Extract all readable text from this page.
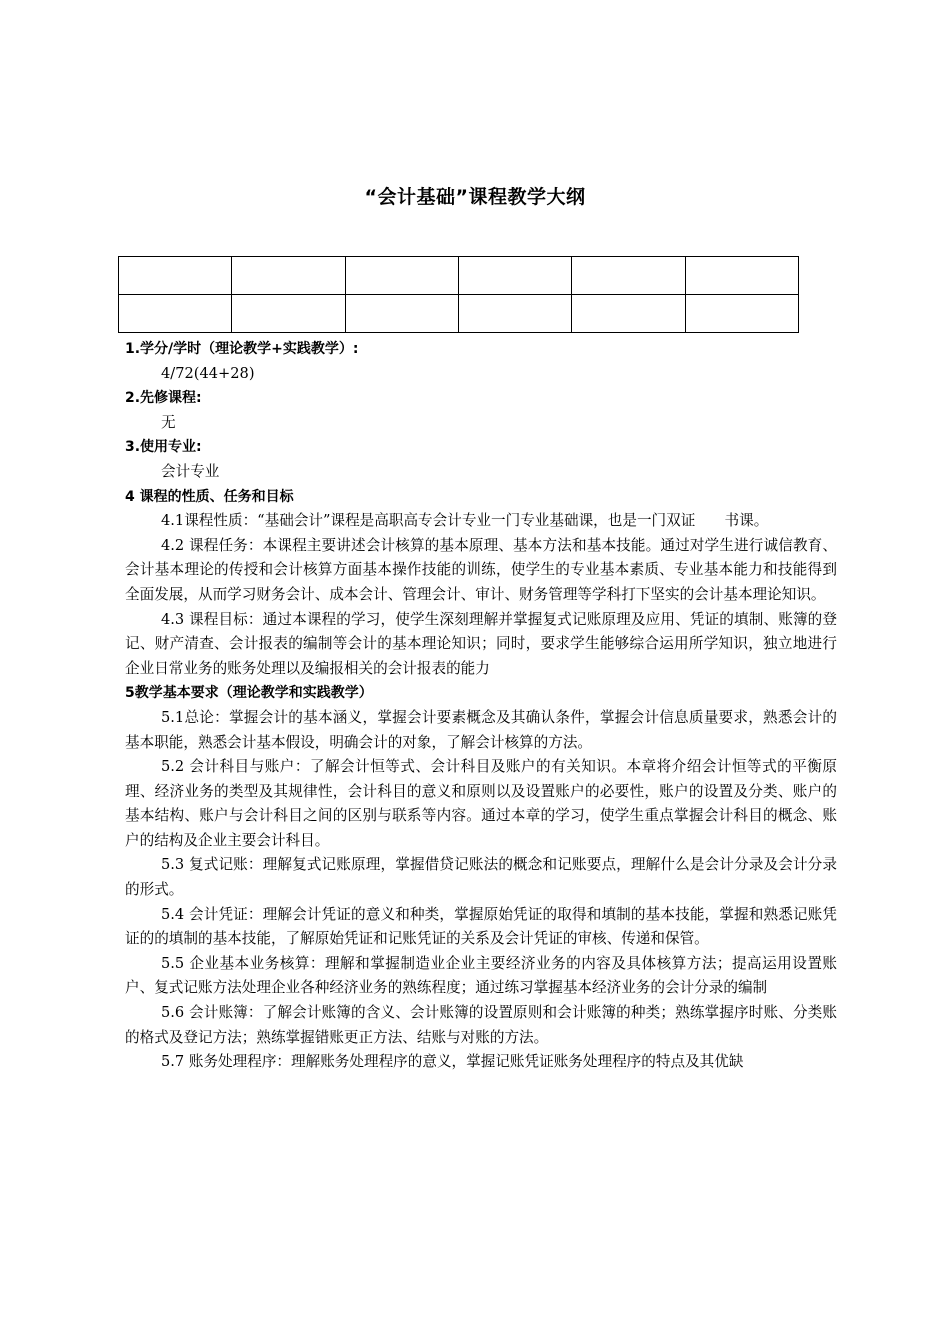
“会计基础”课程教学大纲

1.学分/学时（理论教学+实践教学）:

4/72(44+28)

2.先修课程:

无

3.使用专业:

会计专业

4 课程的性质、任务和目标

4.1课程性质：“基础会计”课程是高职高专会计专业一门专业基础课，也是一门双证　　书课。

4.2 课程任务：本课程主要讲述会计核算的基本原理、基本方法和基本技能。通过对学生进行诚信教育、会计基本理论的传授和会计核算方面基本操作技能的训练，使学生的专业基本素质、专业基本能力和技能得到全面发展，从而学习财务会计、成本会计、管理会计、审计、财务管理等学科打下坚实的会计基本理论知识。

4.3 课程目标：通过本课程的学习，使学生深刻理解并掌握复式记账原理及应用、凭证的填制、账簿的登记、财产清查、会计报表的编制等会计的基本理论知识；同时，要求学生能够综合运用所学知识，独立地进行企业日常业务的账务处理以及编报相关的会计报表的能力

5教学基本要求（理论教学和实践教学）

5.1总论：掌握会计的基本涵义，掌握会计要素概念及其确认条件，掌握会计信息质量要求，熟悉会计的基本职能，熟悉会计基本假设，明确会计的对象，了解会计核算的方法。

5.2 会计科目与账户：了解会计恒等式、会计科目及账户的有关知识。本章将介绍会计恒等式的平衡原理、经济业务的类型及其规律性，会计科目的意义和原则以及设置账户的必要性，账户的设置及分类、账户的基本结构、账户与会计科目之间的区别与联系等内容。通过本章的学习，使学生重点掌握会计科目的概念、账户的结构及企业主要会计科目。

5.3 复式记账：理解复式记账原理，掌握借贷记账法的概念和记账要点，理解什么是会计分录及会计分录的形式。

5.4 会计凭证：理解会计凭证的意义和种类，掌握原始凭证的取得和填制的基本技能，掌握和熟悉记账凭证的的填制的基本技能，了解原始凭证和记账凭证的关系及会计凭证的审核、传递和保管。

5.5 企业基本业务核算：理解和掌握制造业企业主要经济业务的内容及具体核算方法；提高运用设置账户、复式记账方法处理企业各种经济业务的熟练程度；通过练习掌握基本经济业务的会计分录的编制

5.6 会计账簿：了解会计账簿的含义、会计账簿的设置原则和会计账簿的种类；熟练掌握序时账、分类账的格式及登记方法；熟练掌握错账更正方法、结账与对账的方法。

5.7 账务处理程序：理解账务处理程序的意义，掌握记账凭证账务处理程序的特点及其优缺
